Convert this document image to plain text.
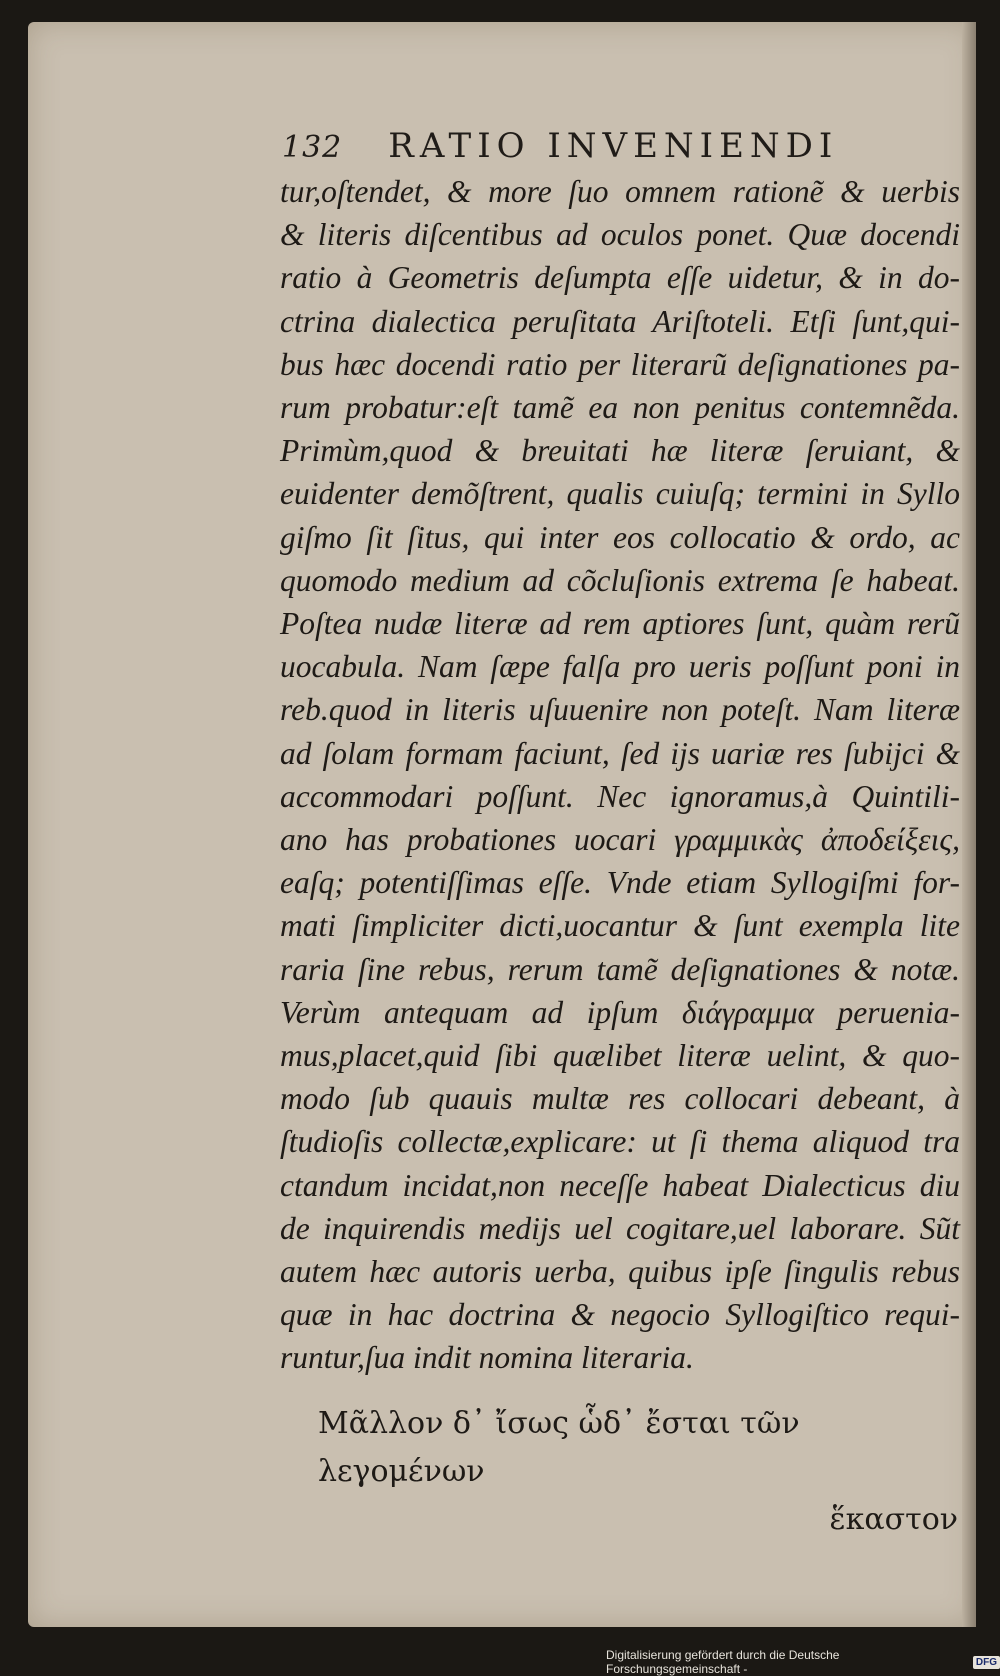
132 RATIO INVENIENDI
tur,oſtendet, & more ſuo omnem rationẽ & uerbis
& literis diſcentibus ad oculos ponet. Quæ docendi
ratio à Geometris deſumpta eſſe uidetur, & in do-
ctrina dialectica peruſitata Ariſtoteli. Etſi ſunt,qui-
bus hæc docendi ratio per literarũ deſignationes pa-
rum probatur:eſt tamẽ ea non penitus contemnẽda.
Primùm,quod & breuitati hæ literæ ſeruiant, &
euidenter demõſtrent, qualis cuiuſq; termini in Syllo
giſmo ſit ſitus, qui inter eos collocatio & ordo, ac
quomodo medium ad cõcluſionis extrema ſe habeat.
Poſtea nudæ literæ ad rem aptiores ſunt, quàm rerũ
uocabula. Nam ſæpe falſa pro ueris poſſunt poni in
reb.quod in literis uſuuenire non poteſt. Nam literæ
ad ſolam formam faciunt, ſed ijs uariæ res ſubijci &
accommodari poſſunt. Nec ignoramus,à Quintili-
ano has probationes uocari γραμμικὰς ἀποδείξεις,
eaſq; potentiſſimas eſſe. Vnde etiam Syllogiſmi for-
mati ſimpliciter dicti,uocantur & ſunt exempla lite
raria ſine rebus, rerum tamẽ deſignationes & notæ.
Verùm antequam ad ipſum διάγραμμα perueniа-
mus,placet,quid ſibi quælibet literæ uelint, & quo-
modo ſub quauis multæ res collocari debeant, à
ſtudioſis collectæ,explicare: ut ſi thema aliquod tra
ctandum incidat,non neceſſe habeat Dialecticus diu
de inquirendis medijs uel cogitare,uel laborare. Sũt
autem hæc autoris uerba, quibus ipſe ſingulis rebus
quæ in hac doctrina & negocio Syllogiſtico requi-
runtur,ſua indit nomina literaria.
Μᾶλλον δ᾽ ἴσως ὧδ᾽ ἔσται τῶν λεγομένων
ἕκαστον
Digitalisierung gefördert durch die Deutsche Forschungsgemeinschaft -	DFG
